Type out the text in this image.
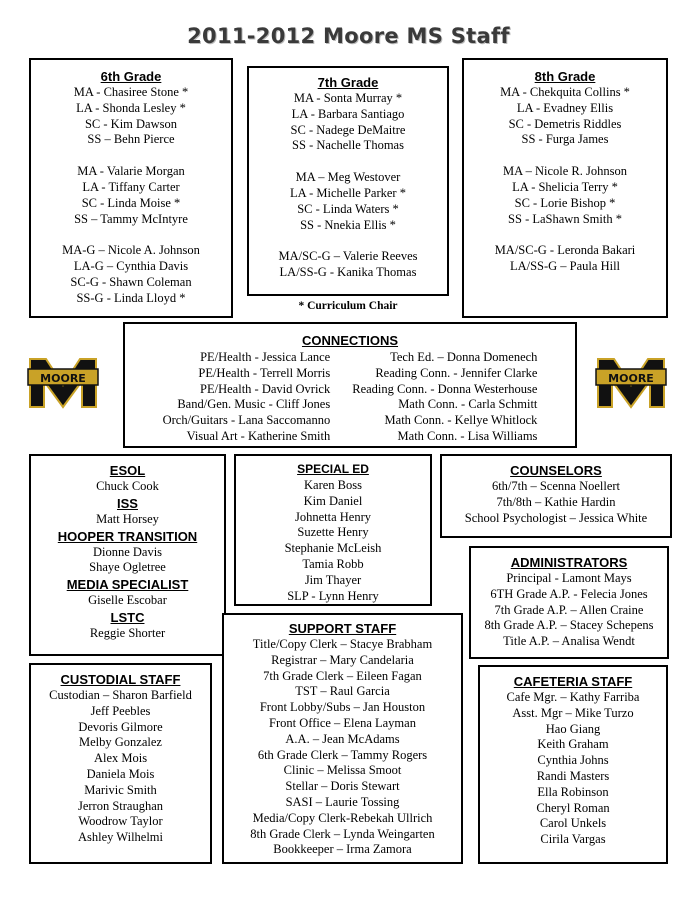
2011-2012 Moore MS Staff
6th Grade
MA - Chasiree Stone *
LA - Shonda Lesley *
SC - Kim Dawson
SS – Behn Pierce
MA - Valarie Morgan
LA - Tiffany Carter
SC - Linda Moise *
SS – Tammy McIntyre
MA-G – Nicole A. Johnson
LA-G – Cynthia Davis
SC-G - Shawn Coleman
SS-G - Linda Lloyd *
7th Grade
MA - Sonta Murray *
LA - Barbara Santiago
SC - Nadege DeMaitre
SS - Nachelle Thomas
MA – Meg Westover
LA - Michelle Parker *
SC - Linda Waters *
SS - Nnekia Ellis *
MA/SC-G – Valerie Reeves
LA/SS-G - Kanika Thomas
8th Grade
MA - Chekquita Collins *
LA - Evadney Ellis
SC - Demetris Riddles
SS - Furga James
MA – Nicole R. Johnson
LA - Shelicia Terry *
SC - Lorie Bishop *
SS - LaShawn Smith *
MA/SC-G - Leronda Bakari
LA/SS-G – Paula Hill
* Curriculum Chair
MOORE	MOORE
CONNECTIONS
PE/Health - Jessica Lance
PE/Health - Terrell Morris
PE/Health - David Ovrick
Band/Gen. Music - Cliff Jones
Orch/Guitars - Lana Saccomanno
Visual Art - Katherine Smith
Tech Ed. – Donna Domenech
Reading Conn. - Jennifer Clarke
Reading Conn. - Donna Westerhouse
Math Conn. - Carla Schmitt
Math Conn. - Kellye Whitlock
Math Conn. - Lisa Williams
ESOL
Chuck Cook
ISS
Matt Horsey
HOOPER TRANSITION
Dionne Davis
Shaye Ogletree
MEDIA SPECIALIST
Giselle Escobar
LSTC
Reggie Shorter
SPECIAL ED
Karen Boss
Kim Daniel
Johnetta Henry
Suzette Henry
Stephanie McLeish
Tamia Robb
Jim Thayer
SLP - Lynn Henry
COUNSELORS
6th/7th – Scenna Noellert
7th/8th – Kathie Hardin
School Psychologist – Jessica White
ADMINISTRATORS
Principal - Lamont Mays
6TH Grade A.P. - Felecia Jones
7th Grade A.P. – Allen Craine
8th Grade A.P. – Stacey Schepens
Title A.P. – Analisa Wendt
SUPPORT STAFF
Title/Copy Clerk – Stacye Brabham
Registrar – Mary Candelaria
7th Grade Clerk – Eileen Fagan
TST – Raul Garcia
Front Lobby/Subs – Jan Houston
Front Office – Elena Layman
A.A. – Jean McAdams
6th Grade Clerk – Tammy Rogers
Clinic – Melissa Smoot
Stellar – Doris Stewart
SASI – Laurie Tossing
Media/Copy Clerk-Rebekah Ullrich
8th Grade Clerk – Lynda Weingarten
Bookkeeper – Irma Zamora
CUSTODIAL STAFF
Custodian – Sharon Barfield
Jeff Peebles
Devoris Gilmore
Melby Gonzalez
Alex Mois
Daniela Mois
Marivic Smith
Jerron Straughan
Woodrow Taylor
Ashley Wilhelmi
CAFETERIA STAFF
Cafe Mgr. – Kathy Farriba
Asst. Mgr – Mike Turzo
Hao Giang
Keith Graham
Cynthia Johns
Randi Masters
Ella Robinson
Cheryl Roman
Carol Unkels
Cirila Vargas
